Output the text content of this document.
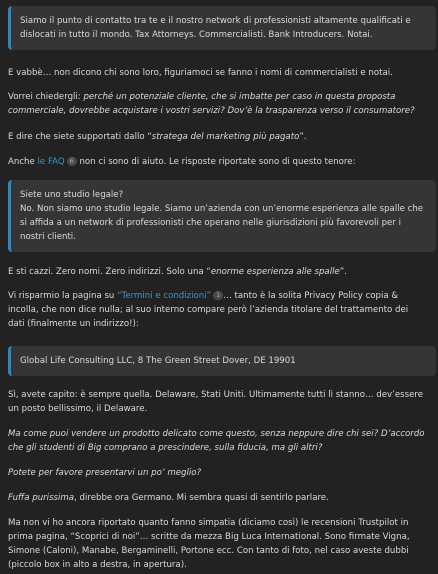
Siamo il punto di contatto tra te e il nostro network di professionisti altamente qualificati e dislocati in tutto il mondo. Tax Attorneys. Commercialisti. Bank Introducers. Notai.

E vabbè… non dicono chi sono loro, figuriamoci se fanno i nomi di commercialisti e notai.

Vorrei chiedergli: perché un potenziale cliente, che si imbatte per caso in questa proposta commerciale, dovrebbe acquistare i vostri servizi? Dov’è la trasparenza verso il consumatore?

E dire che siete supportati dallo “stratega del marketing più pagato”.

Anche le FAQ 6 non ci sono di aiuto. Le risposte riportate sono di questo tenore:

Siete uno studio legale?

No. Non siamo uno studio legale. Siamo un’azienda con un’enorme esperienza alle spalle che si affida a un network di professionisti che operano nelle giurisdizioni più favorevoli per i nostri clienti.

E sti cazzi. Zero nomi. Zero indirizzi. Solo una “enorme esperienza alle spalle”.

Vi risparmio la pagina su “Termini e condizioni” 1 … tanto è la solita Privacy Policy copia & incolla, che non dice nulla; al suo interno compare però l’azienda titolare del trattamento dei dati (finalmente un indirizzo!):

Global Life Consulting LLC, 8 The Green Street Dover, DE 19901

Sì, avete capito: è sempre quella. Delaware, Stati Uniti. Ultimamente tutti lì stanno… dev’essere un posto bellissimo, il Delaware.

Ma come puoi vendere un prodotto delicato come questo, senza neppure dire chi sei? D’accordo che gli studenti di Big comprano a prescindere, sulla fiducia, ma gli altri?

Potete per favore presentarvi un po’ meglio?

Fuffa purissima, direbbe ora Germano. Mi sembra quasi di sentirlo parlare.

Ma non vi ho ancora riportato quanto fanno simpatia (diciamo così) le recensioni Trustpilot in prima pagina, “Scoprici di noi”… scritte da mezza Big Luca International. Sono firmate Vigna, Simone (Caloni), Manabe, Bergaminelli, Portone ecc. Con tanto di foto, nel caso aveste dubbi (piccolo box in alto a destra, in apertura).
